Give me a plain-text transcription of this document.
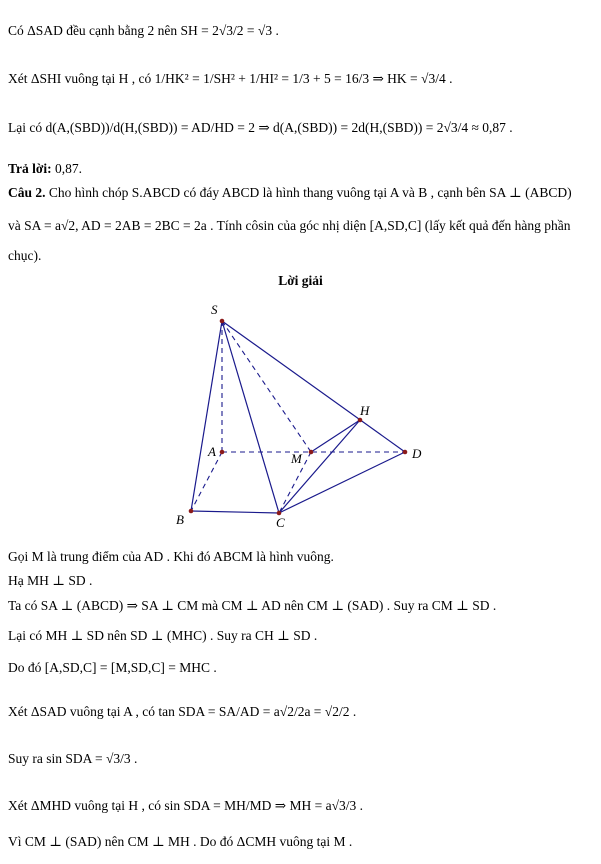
Có ΔSAD đều cạnh bằng 2 nên SH = 2√3/2 = √3 .
Xét ΔSHI vuông tại H , có 1/HK² = 1/SH² + 1/HI² = 1/3 + 5 = 16/3 ⇒ HK = √3/4 .
Lại có d(A,(SBD))/d(H,(SBD)) = AD/HD = 2 ⇒ d(A,(SBD)) = 2d(H,(SBD)) = 2√3/4 ≈ 0,87 .
Trả lời: 0,87.
Câu 2. Cho hình chóp S.ABCD có đáy ABCD là hình thang vuông tại A và B , cạnh bên SA ⊥ (ABCD)
và SA = a√2, AD = 2AB = 2BC = 2a . Tính côsin của góc nhị diện [A,SD,C] (lấy kết quả đến hàng phần
chục).
Lời giải
S
A
B	C
D
M
H
Gọi M là trung điểm của AD . Khi đó ABCM là hình vuông.
Hạ MH ⊥ SD .
Ta có SA ⊥ (ABCD) ⇒ SA ⊥ CM mà CM ⊥ AD nên CM ⊥ (SAD) . Suy ra CM ⊥ SD .
Lại có MH ⊥ SD nên SD ⊥ (MHC) . Suy ra CH ⊥ SD .
Do đó [A,SD,C] = [M,SD,C] = MHC .
Xét ΔSAD vuông tại A , có tan SDA = SA/AD = a√2/2a = √2/2 .
Suy ra sin SDA = √3/3 .
Xét ΔMHD vuông tại H , có sin SDA = MH/MD ⇒ MH = a√3/3 .
Vì CM ⊥ (SAD) nên CM ⊥ MH . Do đó ΔCMH vuông tại M .
